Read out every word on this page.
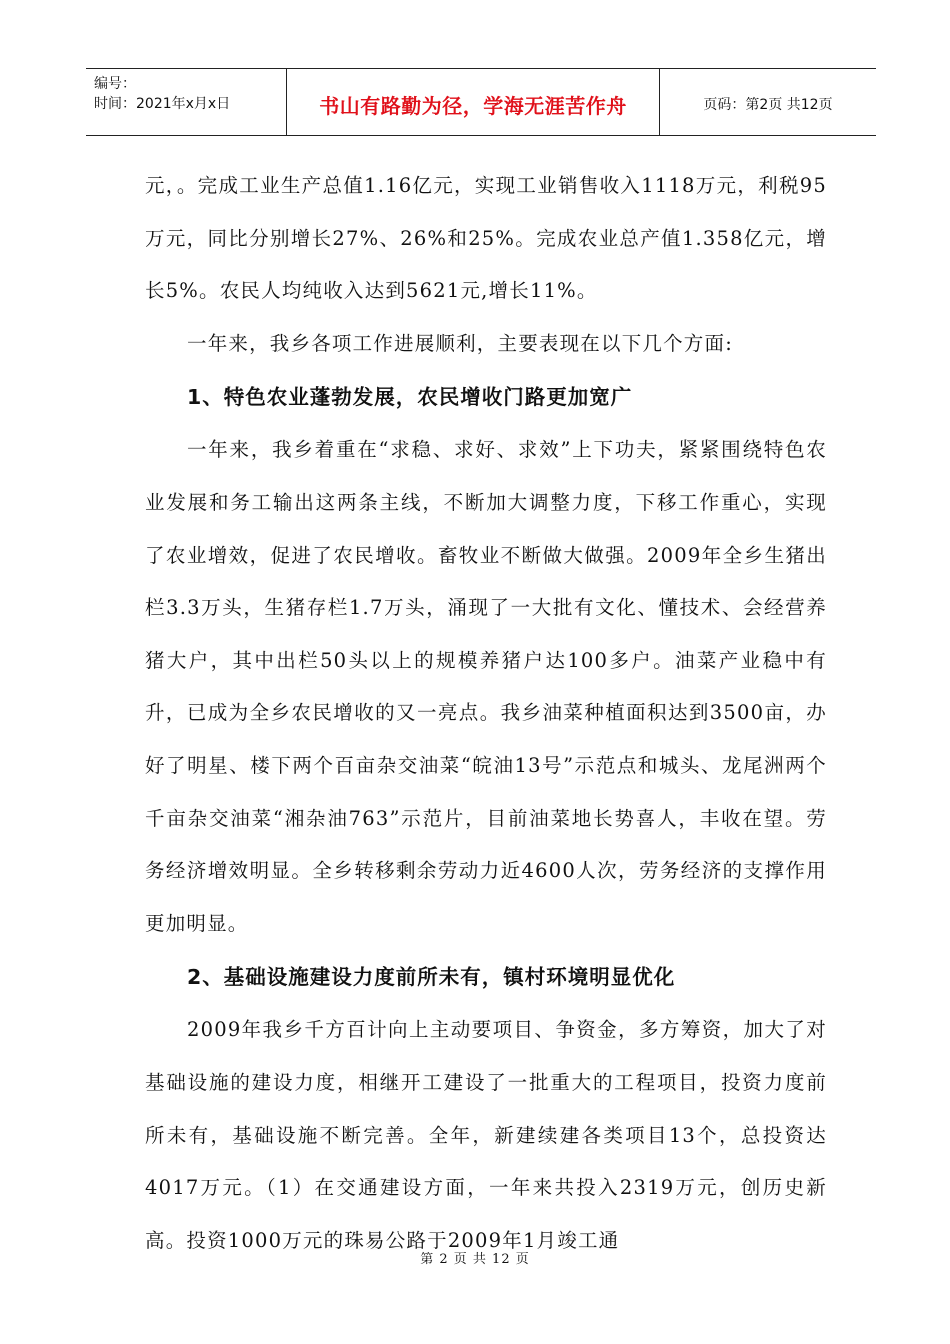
编号：
时间：2021年x月x日	书山有路勤为径，学海无涯苦作舟	页码：第2页 共12页

元，。完成工业生产总值1.16亿元，实现工业销售收入1118万元，利税95万元，同比分别增长27%、26%和25%。完成农业总产值1.358亿元，增长5%。农民人均纯收入达到5621元,增长11%。

一年来，我乡各项工作进展顺利，主要表现在以下几个方面:

1、特色农业蓬勃发展，农民增收门路更加宽广

一年来，我乡着重在“求稳、求好、求效”上下功夫，紧紧围绕特色农业发展和务工输出这两条主线，不断加大调整力度，下移工作重心，实现了农业增效，促进了农民增收。畜牧业不断做大做强。2009年全乡生猪出栏3.3万头，生猪存栏1.7万头，涌现了一大批有文化、懂技术、会经营养猪大户，其中出栏50头以上的规模养猪户达100多户。油菜产业稳中有升，已成为全乡农民增收的又一亮点。我乡油菜种植面积达到3500亩，办好了明星、楼下两个百亩杂交油菜“皖油13号”示范点和城头、龙尾洲两个千亩杂交油菜“湘杂油763”示范片，目前油菜地长势喜人，丰收在望。劳务经济增效明显。全乡转移剩余劳动力近4600人次，劳务经济的支撑作用更加明显。

2、基础设施建设力度前所未有，镇村环境明显优化

2009年我乡千方百计向上主动要项目、争资金，多方筹资，加大了对基础设施的建设力度，相继开工建设了一批重大的工程项目，投资力度前所未有，基础设施不断完善。全年，新建续建各类项目13个，总投资达4017万元。（1）在交通建设方面，一年来共投入2319万元，创历史新高。投资1000万元的珠易公路于2009年1月竣工通

第 2 页 共 12 页
